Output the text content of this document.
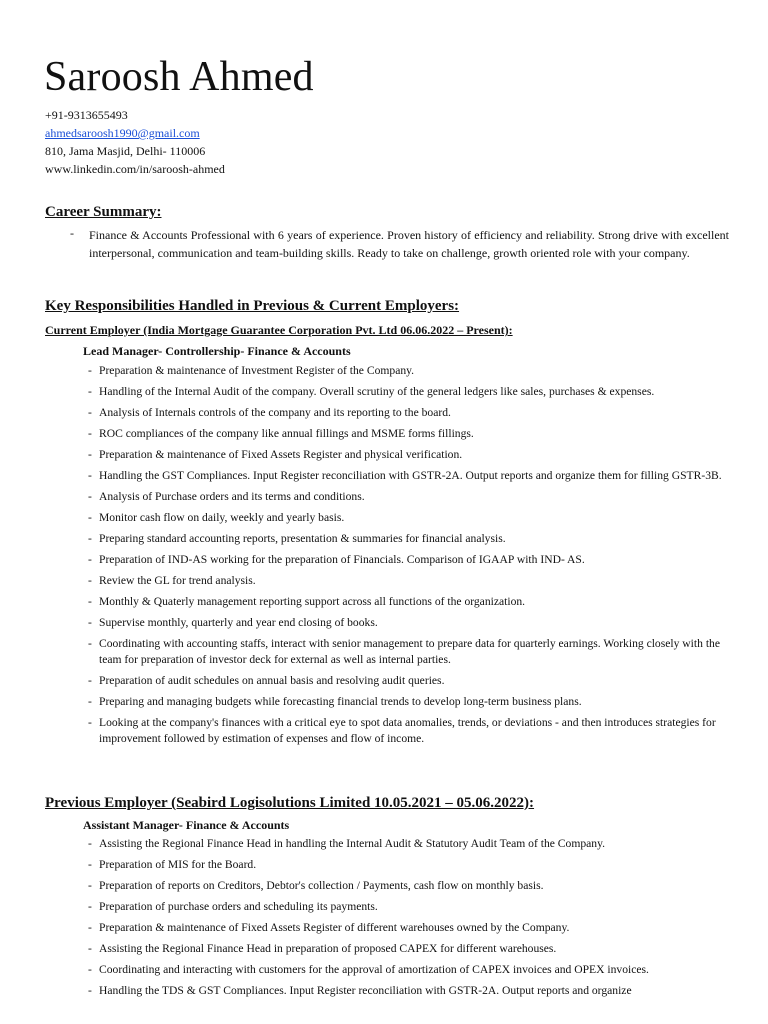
Saroosh Ahmed
+91-9313655493
ahmedsaroosh1990@gmail.com
810, Jama Masjid, Delhi- 110006
www.linkedin.com/in/saroosh-ahmed
Career Summary:
- Finance & Accounts Professional with 6 years of experience. Proven history of efficiency and reliability. Strong drive with excellent interpersonal, communication and team-building skills. Ready to take on challenge, growth oriented role with your company.

Key Responsibilities Handled in Previous & Current Employers:
Current Employer (India Mortgage Guarantee Corporation Pvt. Ltd 06.06.2022 – Present):
Lead Manager- Controllership- Finance & Accounts
- Preparation & maintenance of Investment Register of the Company.
- Handling of the Internal Audit of the company. Overall scrutiny of the general ledgers like sales, purchases & expenses.
- Analysis of Internals controls of the company and its reporting to the board.
- ROC compliances of the company like annual fillings and MSME forms fillings.
- Preparation & maintenance of Fixed Assets Register and physical verification.
- Handling the GST Compliances. Input Register reconciliation with GSTR-2A. Output reports and organize them for filling GSTR-3B.
- Analysis of Purchase orders and its terms and conditions.
- Monitor cash flow on daily, weekly and yearly basis.
- Preparing standard accounting reports, presentation & summaries for financial analysis.
- Preparation of IND-AS working for the preparation of Financials. Comparison of IGAAP with IND- AS.
- Review the GL for trend analysis.
- Monthly & Quaterly management reporting support across all functions of the organization.
- Supervise monthly, quarterly and year end closing of books.
- Coordinating with accounting staffs, interact with senior management to prepare data for quarterly earnings. Working closely with the team for preparation of investor deck for external as well as internal parties.
- Preparation of audit schedules on annual basis and resolving audit queries.
- Preparing and managing budgets while forecasting financial trends to develop long-term business plans.
- Looking at the company's finances with a critical eye to spot data anomalies, trends, or deviations - and then introduces strategies for improvement followed by estimation of expenses and flow of income.
Previous Employer (Seabird Logisolutions Limited 10.05.2021 – 05.06.2022):
Assistant Manager- Finance & Accounts
- Assisting the Regional Finance Head in handling the Internal Audit & Statutory Audit Team of the Company.
- Preparation of MIS for the Board.
- Preparation of reports on Creditors, Debtor's collection / Payments, cash flow on monthly basis.
- Preparation of purchase orders and scheduling its payments.
- Preparation & maintenance of Fixed Assets Register of different warehouses owned by the Company.
- Assisting the Regional Finance Head in preparation of proposed CAPEX for different warehouses.
- Coordinating and interacting with customers for the approval of amortization of CAPEX invoices and OPEX invoices.
- Handling the TDS & GST Compliances. Input Register reconciliation with GSTR-2A. Output reports and organize
